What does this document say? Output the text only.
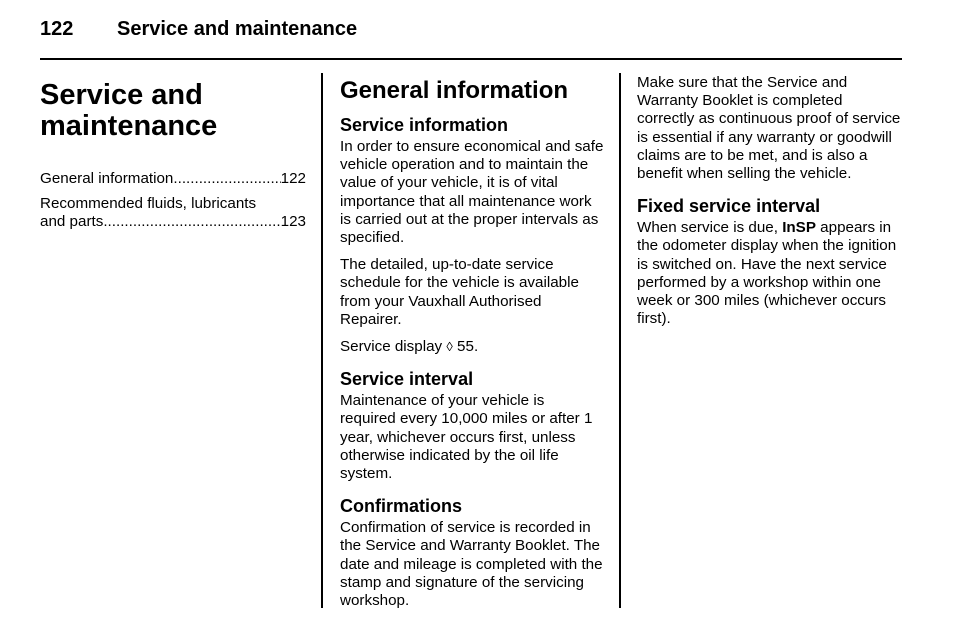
122 Service and maintenance
Service and
maintenance
General information .....	122
Recommended fluids, lubricants
and parts .....	123
General information
Service information

In order to ensure economical and safe vehicle operation and to maintain the value of your vehicle, it is of vital importance that all maintenance work is carried out at the proper intervals as specified.

The detailed, up-to-date service schedule for the vehicle is available from your Vauxhall Authorised Repairer.

Service display ◊ 55.

Service interval

Maintenance of your vehicle is required every 10,000 miles or after 1 year, whichever occurs first, unless otherwise indicated by the oil life system.

Confirmations

Confirmation of service is recorded in the Service and Warranty Booklet. The date and mileage is completed with the stamp and signature of the servicing workshop.

Make sure that the Service and Warranty Booklet is completed correctly as continuous proof of service is essential if any warranty or goodwill claims are to be met, and is also a benefit when selling the vehicle.

Fixed service interval

When service is due, InSP appears in the odometer display when the ignition is switched on. Have the next service performed by a workshop within one week or 300 miles (whichever occurs first).
